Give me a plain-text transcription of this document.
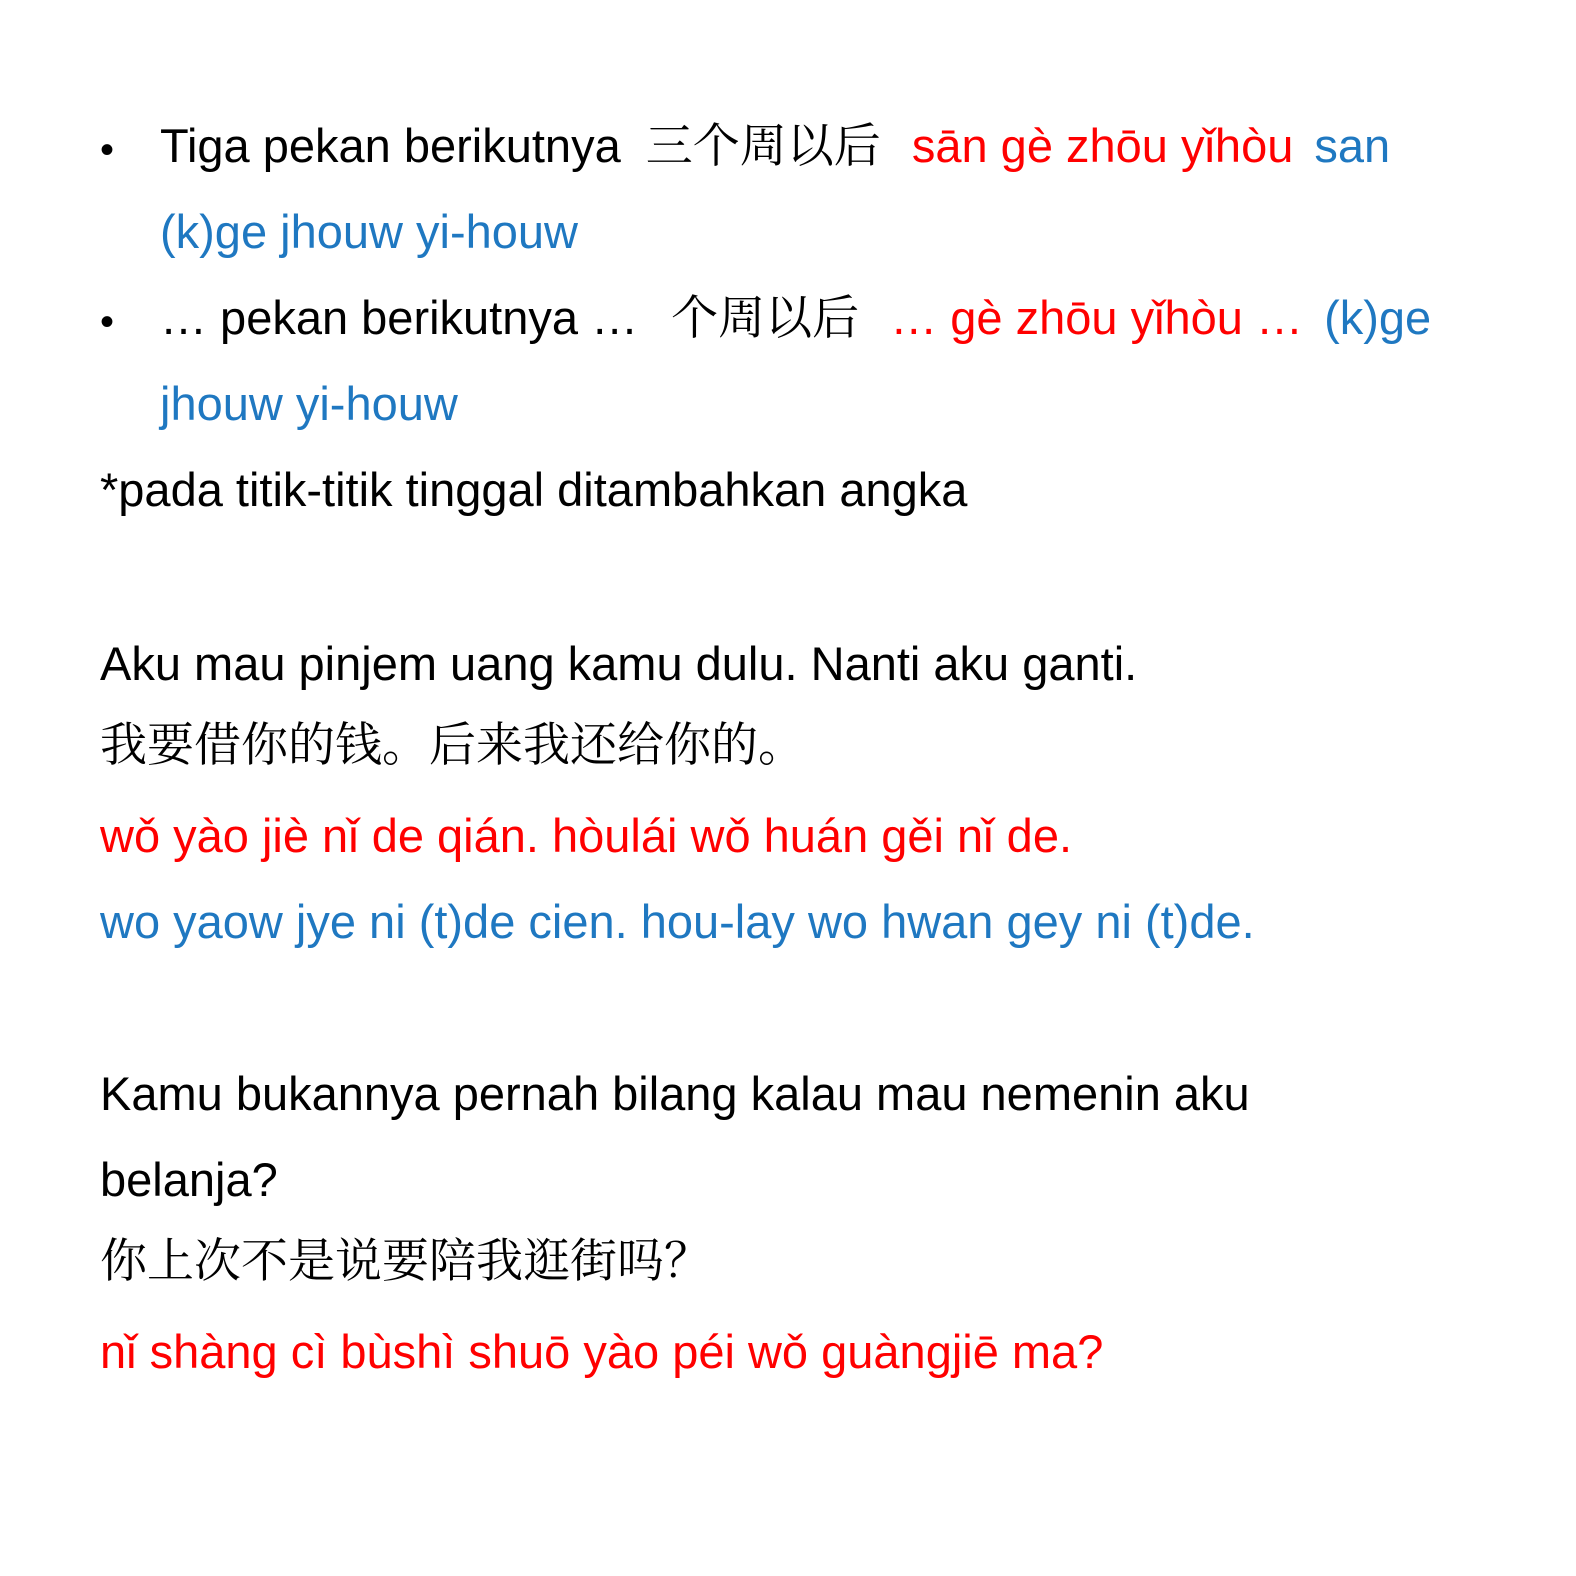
• Tiga pekan berikutnya 三个周以后 sān gè zhōu yǐhòu san
(k)ge jhouw yi-houw
• … pekan berikutnya … 个周以后 … gè zhōu yǐhòu … (k)ge
jhouw yi-houw
*pada titik-titik tinggal ditambahkan angka
Aku mau pinjem uang kamu dulu. Nanti aku ganti.
我要借你的钱。后来我还给你的。
wǒ yào jiè nǐ de qián. hòulái wǒ huán gěi nǐ de.
wo yaow jye ni (t)de cien. hou-lay wo hwan gey ni (t)de.
Kamu bukannya pernah bilang kalau mau nemenin aku
belanja?
你上次不是说要陪我逛街吗？
nǐ shàng cì bùshì shuō yào péi wǒ guàngjiē ma?
